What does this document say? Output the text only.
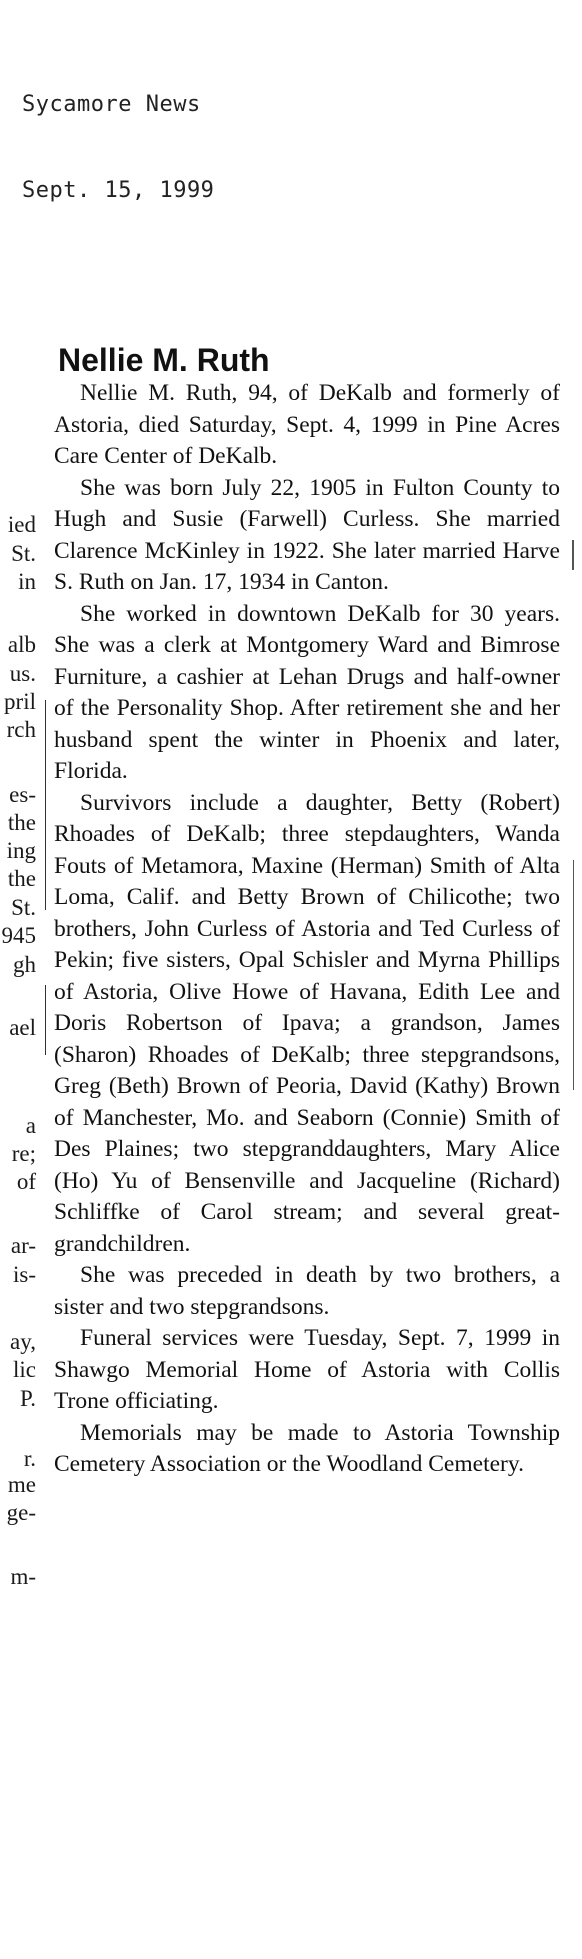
Sycamore News
Sept. 15, 1999
ied
St.
in
alb
us.
pril
rch
es-
the
ing
the
St.
945
gh
ael
a
re;
of
ar-
is-
ay,
lic
P.
r.
me
ge-
m-
Nellie M. Ruth

Nellie M. Ruth, 94, of DeKalb and formerly of Astoria, died Saturday, Sept. 4, 1999 in Pine Acres Care Center of DeKalb.

She was born July 22, 1905 in Fulton County to Hugh and Susie (Farwell) Curless. She married Clarence McKinley in 1922. She later married Harve S. Ruth on Jan. 17, 1934 in Canton.

She worked in downtown DeKalb for 30 years. She was a clerk at Montgomery Ward and Bimrose Furniture, a cashier at Lehan Drugs and half-owner of the Personality Shop. After retirement she and her husband spent the winter in Phoenix and later, Florida.

Survivors include a daughter, Betty (Robert) Rhoades of DeKalb; three stepdaughters, Wanda Fouts of Metamora, Maxine (Herman) Smith of Alta Loma, Calif. and Betty Brown of Chilicothe; two brothers, John Curless of Astoria and Ted Curless of Pekin; five sisters, Opal Schisler and Myrna Phillips of Astoria, Olive Howe of Havana, Edith Lee and Doris Robertson of Ipava; a grandson, James (Sharon) Rhoades of DeKalb; three stepgrandsons, Greg (Beth) Brown of Peoria, David (Kathy) Brown of Manchester, Mo. and Seaborn (Connie) Smith of Des Plaines; two stepgranddaughters, Mary Alice (Ho) Yu of Bensenville and Jacqueline (Richard) Schliffke of Carol stream; and several great-grandchildren.

She was preceded in death by two brothers, a sister and two stepgrandsons.

Funeral services were Tuesday, Sept. 7, 1999 in Shawgo Memorial Home of Astoria with Collis Trone officiating.

Memorials may be made to Astoria Township Cemetery Association or the Woodland Cemetery.
